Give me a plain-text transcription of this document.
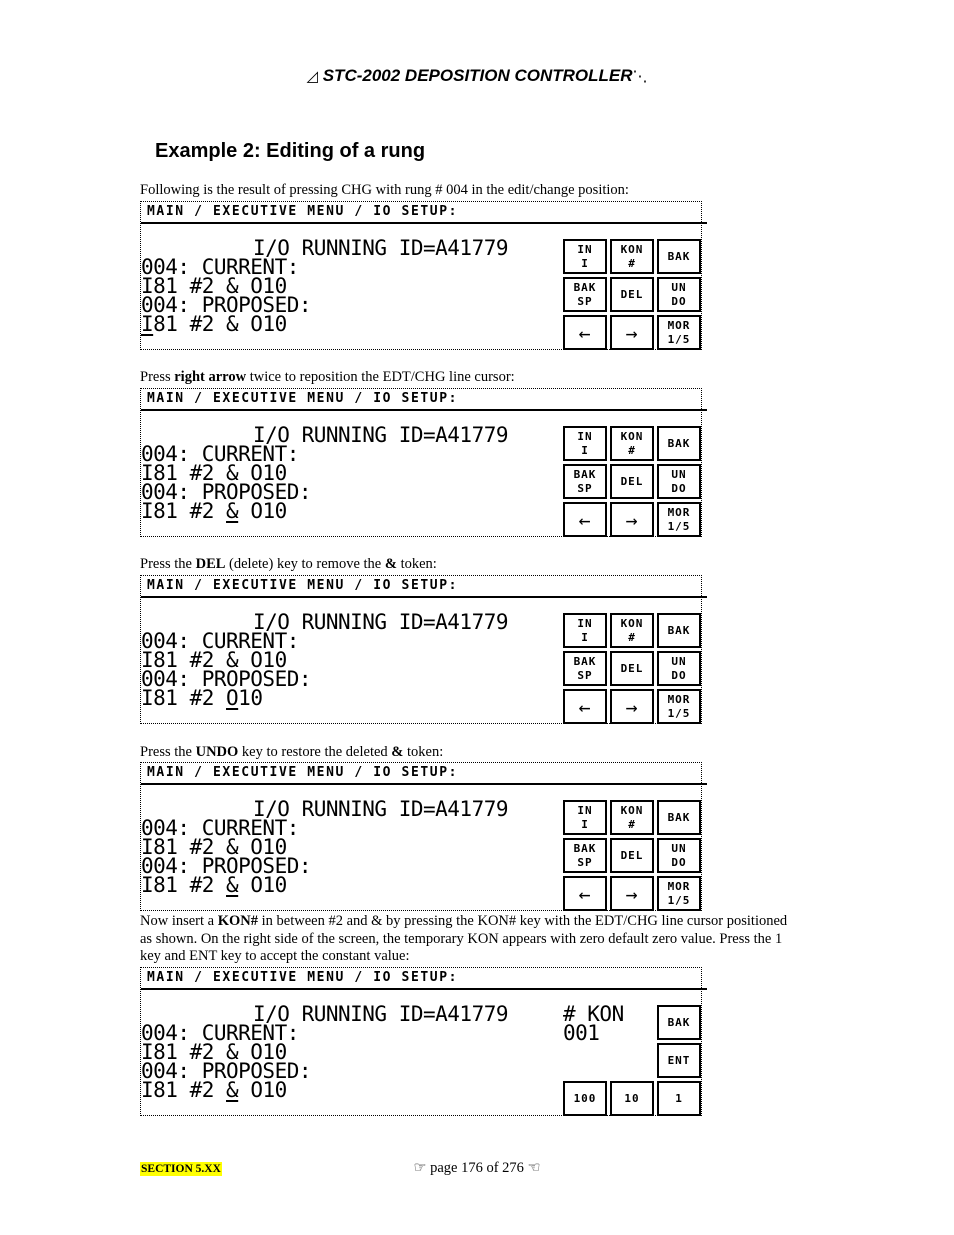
◿ STC-2002 DEPOSITION CONTROLLER⋱
Example 2: Editing of a rung
Following is the result of pressing CHG with rung # 004 in the edit/change position:
Press right arrow twice to reposition the EDT/CHG line cursor:
Press the DEL (delete) key to remove the & token:
Press the UNDO key to restore the deleted & token:
Now insert a KON# in between #2 and & by pressing the KON# key with the EDT/CHG line cursor positioned as shown. On the right side of the screen, the temporary KON appears with zero default zero value. Press the 1 key and ENT key to accept the constant value:
MAIN / EXECUTIVE MENU / IO SETUP:
I/O RUNNING ID=A41779
004: CURRENT:
I81 #2 & O10
004: PROPOSED:
I81 #2 & O10
IN
I
KON
#
BAK
BAK
SP
DEL
UN
DO
←	→	MOR
1/5
MAIN / EXECUTIVE MENU / IO SETUP:
I/O RUNNING ID=A41779
004: CURRENT:
I81 #2 & O10
004: PROPOSED:
I81 #2 & O10
IN
I
KON
#
BAK
BAK
SP
DEL
UN
DO
←	→	MOR
1/5
MAIN / EXECUTIVE MENU / IO SETUP:
I/O RUNNING ID=A41779
004: CURRENT:
I81 #2 & O10
004: PROPOSED:
I81 #2 O10
IN
I
KON
#
BAK
BAK
SP
DEL
UN
DO
←	→	MOR
1/5
MAIN / EXECUTIVE MENU / IO SETUP:
I/O RUNNING ID=A41779
004: CURRENT:
I81 #2 & O10
004: PROPOSED:
I81 #2 & O10
IN
I
KON
#
BAK
BAK
SP
DEL
UN
DO
←	→	MOR
1/5
MAIN / EXECUTIVE MENU / IO SETUP:
I/O RUNNING ID=A41779
004: CURRENT:
I81 #2 & O10
004: PROPOSED:
I81 #2 & O10
# KON
001	BAK
ENT
100	10	1
SECTION 5.XX	☞ page 176 of 276 ☜
